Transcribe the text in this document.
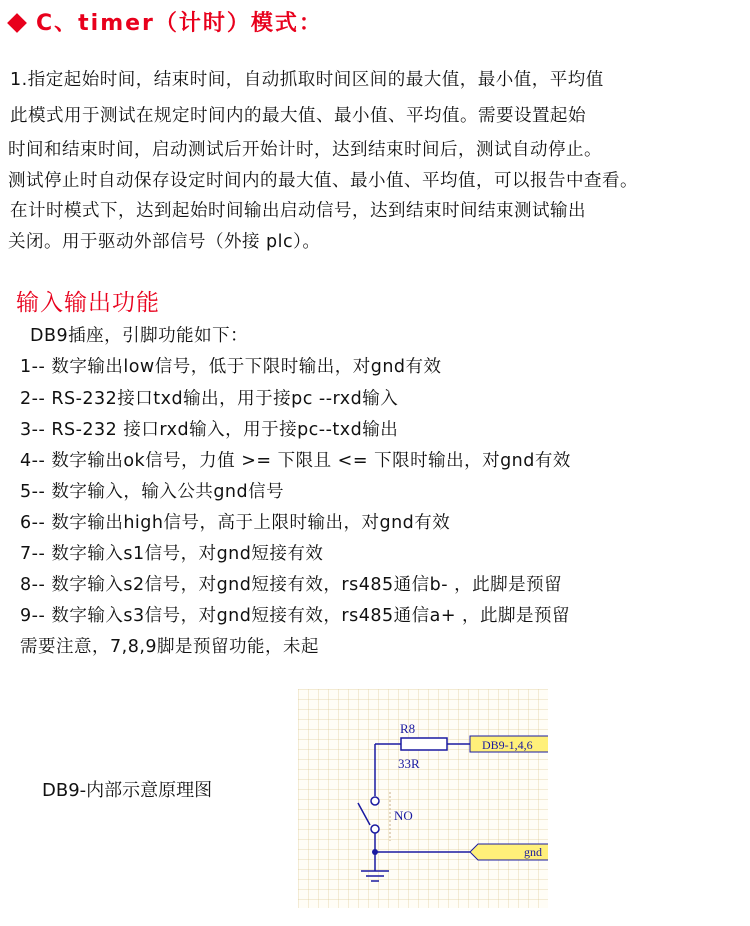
C、timer（计时）模式：
1.指定起始时间，结束时间，自动抓取时间区间的最大值，最小值，平均值
此模式用于测试在规定时间内的最大值、最小值、平均值。需要设置起始
时间和结束时间，启动测试后开始计时，达到结束时间后，测试自动停止。
测试停止时自动保存设定时间内的最大值、最小值、平均值，可以报告中查看。
在计时模式下，达到起始时间输出启动信号，达到结束时间结束测试输出
关闭。用于驱动外部信号（外接 plc）。
输入输出功能
DB9插座，引脚功能如下：
1-- 数字输出low信号，低于下限时输出，对gnd有效
2-- RS-232接口txd输出，用于接pc --rxd输入
3-- RS-232 接口rxd输入，用于接pc--txd输出
4-- 数字输出ok信号，力值 >= 下限且 <= 下限时输出，对gnd有效
5-- 数字输入，输入公共gnd信号
6-- 数字输出high信号，高于上限时输出，对gnd有效
7-- 数字输入s1信号，对gnd短接有效
8-- 数字输入s2信号，对gnd短接有效，rs485通信b- ，此脚是预留
9-- 数字输入s3信号，对gnd短接有效，rs485通信a+ ，此脚是预留
需要注意，7,8,9脚是预留功能，未起
DB9-内部示意原理图
R8
33R
DB9-1,4,6
NO
gnd
